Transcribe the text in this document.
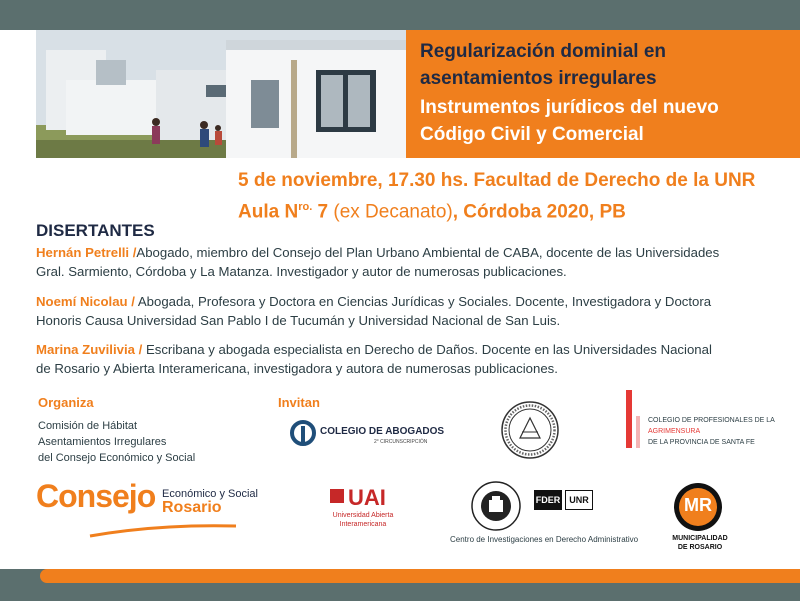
Regularización dominial en
asentamientos irregulares
Instrumentos jurídicos del nuevo
Código Civil y Comercial
5 de noviembre, 17.30 hs. Facultad de Derecho de la UNR
Aula $N^{ro.}$ 7 (ex Decanato), Córdoba 2020, PB
DISERTANTES
Hernán Petrelli /Abogado, miembro del Consejo del Plan Urbano Ambiental de CABA, docente de las Universidades
Gral. Sarmiento, Córdoba y La Matanza. Investigador y autor de numerosas publicaciones.
Noemí Nicolau / Abogada, Profesora y Doctora en Ciencias Jurídicas y Sociales. Docente, Investigadora y Doctora
Honoris Causa Universidad San Pablo I de Tucumán y Universidad Nacional de San Luis.
Marina Zuvilivia / Escribana y abogada especialista en Derecho de Daños. Docente en las Universidades Nacional
de Rosario y Abierta Interamericana, investigadora y autora de numerosas publicaciones.
Organiza
Comisión de Hábitat
Asentamientos Irregulares
del Consejo Económico y Social
Invitan
COLEGIO DE ABOGADOS
2° CIRCUNSCRIPCIÓN
COLEGIO DE PROFESIONALES DE LA
AGRIMENSURA
DE LA PROVINCIA DE SANTA FE
Consejo Económico y Social
Rosario	UAI
Universidad Abierta
Interamericana
FDER	UNR
Centro de Investigaciones en Derecho Administrativo
MR
MUNICIPALIDAD
DE ROSARIO
